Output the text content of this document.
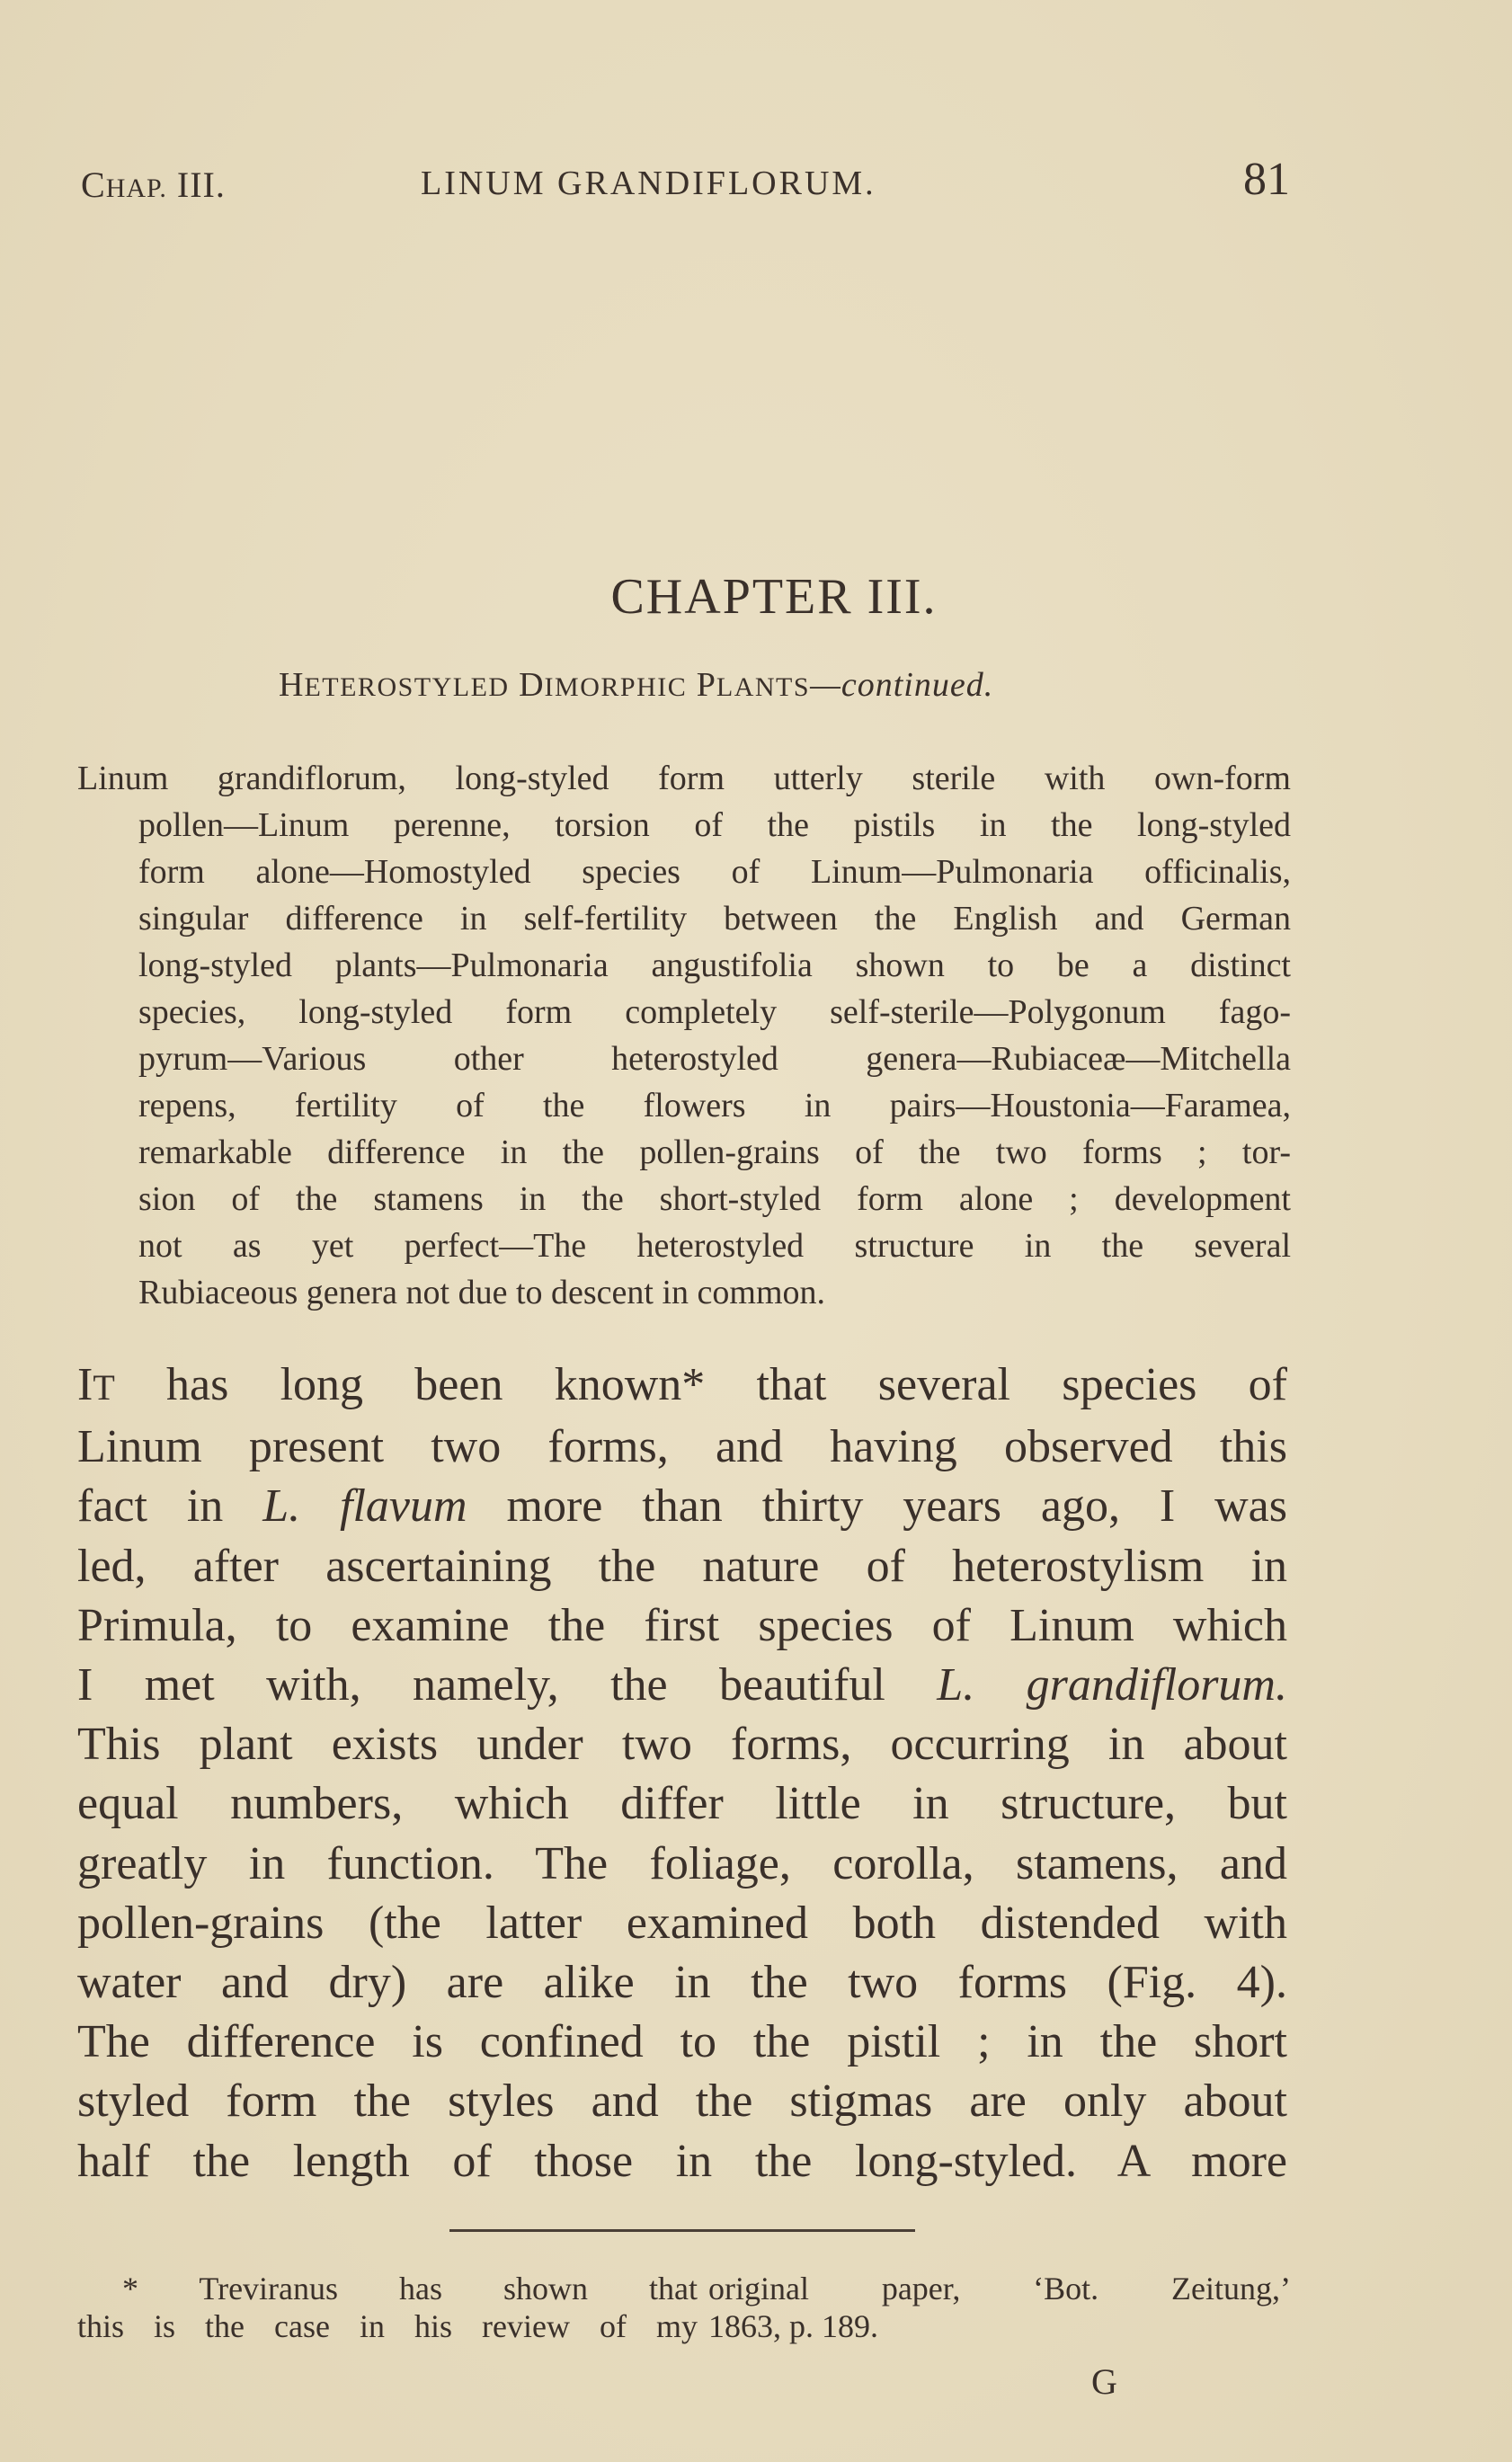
CHAP. III.	LINUM GRANDIFLORUM.	81
CHAPTER III.
HETEROSTYLED DIMORPHIC PLANTS—continued.
Linum grandiflorum, long-styled form utterly sterile with own-form
pollen—Linum perenne, torsion of the pistils in the long-styled
form alone—Homostyled species of Linum—Pulmonaria officinalis,
singular difference in self-fertility between the English and German
long-styled plants—Pulmonaria angustifolia shown to be a distinct
species, long-styled form completely self-sterile—Polygonum fago-
pyrum—Various other heterostyled genera—Rubiaceæ—Mitchella
repens, fertility of the flowers in pairs—Houstonia—Faramea,
remarkable difference in the pollen-grains of the two forms ; tor-
sion of the stamens in the short-styled form alone ; development
not as yet perfect—The heterostyled structure in the several
Rubiaceous genera not due to descent in common.
IT has long been known* that several species of
Linum present two forms, and having observed this
fact in L. flavum more than thirty years ago, I was
led, after ascertaining the nature of heterostylism in
Primula, to examine the first species of Linum which
I met with, namely, the beautiful L. grandiflorum.
This plant exists under two forms, occurring in about
equal numbers, which differ little in structure, but
greatly in function. The foliage, corolla, stamens, and
pollen-grains (the latter examined both distended with
water and dry) are alike in the two forms (Fig. 4).
The difference is confined to the pistil ; in the short
styled form the styles and the stigmas are only about
half the length of those in the long-styled. A more
* Treviranus has shown that
this is the case in his review of my
original paper, ‘Bot. Zeitung,’
1863, p. 189.
G
